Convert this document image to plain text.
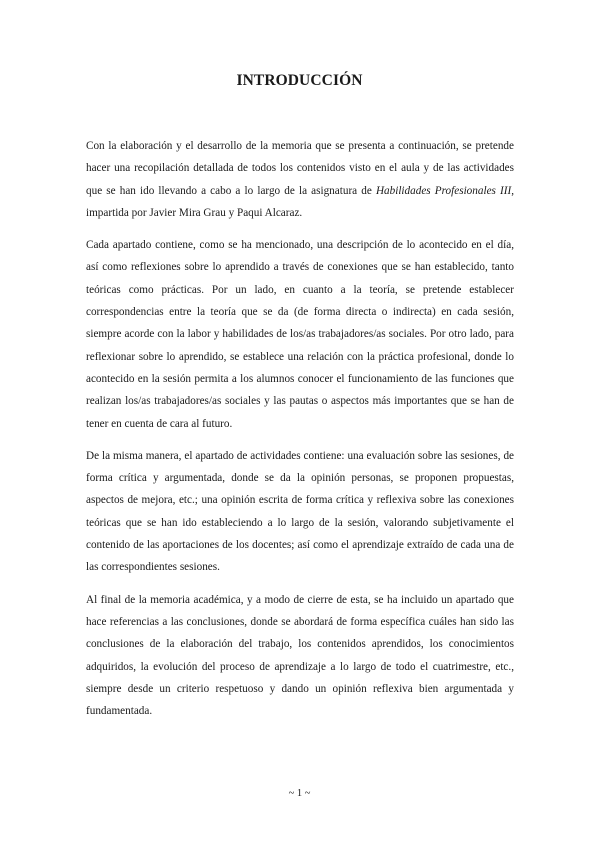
INTRODUCCIÓN

Con la elaboración y el desarrollo de la memoria que se presenta a continuación, se pretende hacer una recopilación detallada de todos los contenidos visto en el aula y de las actividades que se han ido llevando a cabo a lo largo de la asignatura de Habilidades Profesionales III, impartida por Javier Mira Grau y Paqui Alcaraz.

Cada apartado contiene, como se ha mencionado, una descripción de lo acontecido en el día, así como reflexiones sobre lo aprendido a través de conexiones que se han establecido, tanto teóricas como prácticas. Por un lado, en cuanto a la teoría, se pretende establecer correspondencias entre la teoría que se da (de forma directa o indirecta) en cada sesión, siempre acorde con la labor y habilidades de los/as trabajadores/as sociales. Por otro lado, para reflexionar sobre lo aprendido, se establece una relación con la práctica profesional, donde lo acontecido en la sesión permita a los alumnos conocer el funcionamiento de las funciones que realizan los/as trabajadores/as sociales y las pautas o aspectos más importantes que se han de tener en cuenta de cara al futuro.

De la misma manera, el apartado de actividades contiene: una evaluación sobre las sesiones, de forma crítica y argumentada, donde se da la opinión personas, se proponen propuestas, aspectos de mejora, etc.; una opinión escrita de forma crítica y reflexiva sobre las conexiones teóricas que se han ido estableciendo a lo largo de la sesión, valorando subjetivamente el contenido de las aportaciones de los docentes; así como el aprendizaje extraído de cada una de las correspondientes sesiones.

Al final de la memoria académica, y a modo de cierre de esta, se ha incluido un apartado que hace referencias a las conclusiones, donde se abordará de forma específica cuáles han sido las conclusiones de la elaboración del trabajo, los contenidos aprendidos, los conocimientos adquiridos, la evolución del proceso de aprendizaje a lo largo de todo el cuatrimestre, etc., siempre desde un criterio respetuoso y dando un opinión reflexiva bien argumentada y fundamentada.

~ 1 ~
